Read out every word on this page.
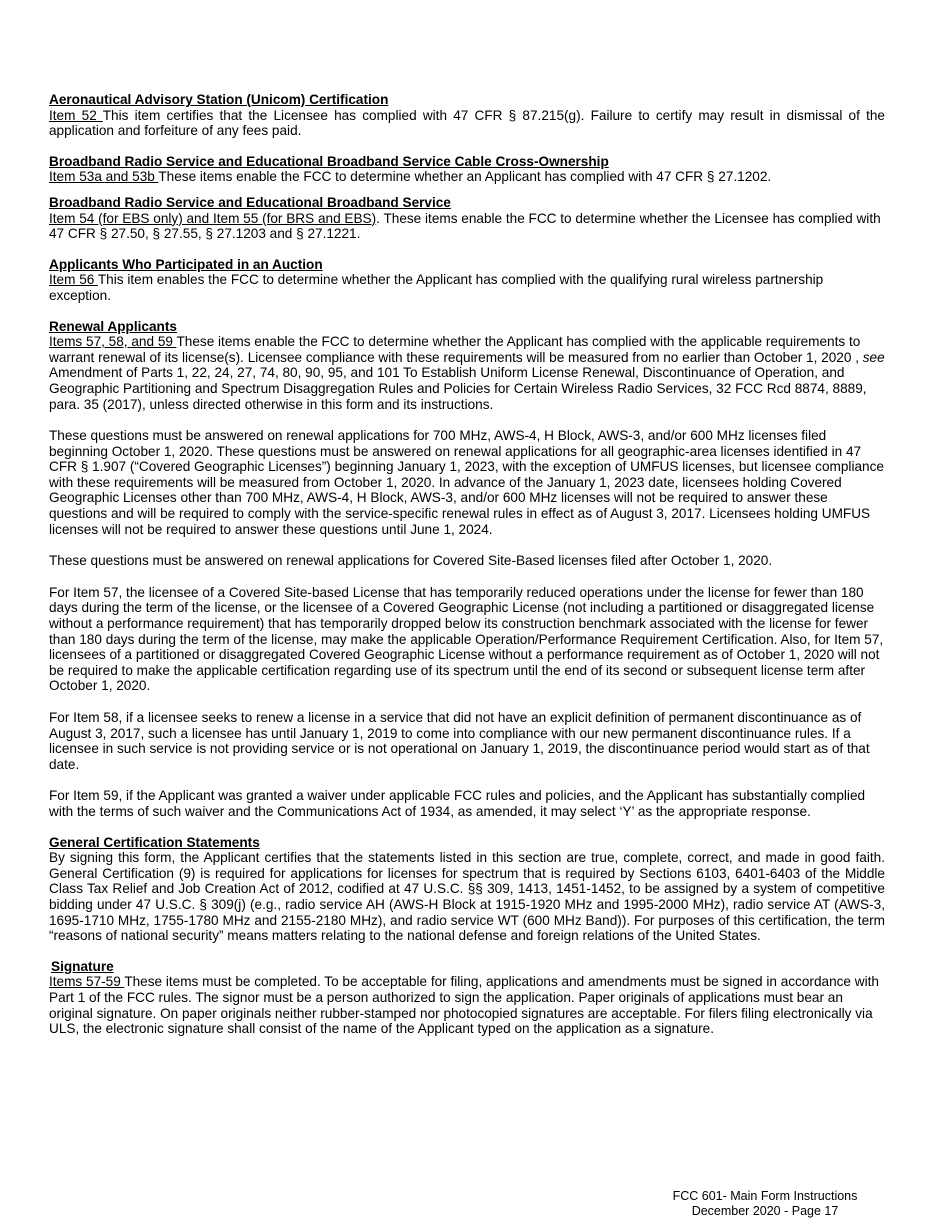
Aeronautical Advisory Station (Unicom) Certification

Item 52 This item certifies that the Licensee has complied with 47 CFR § 87.215(g). Failure to certify may result in dismissal of the application and forfeiture of any fees paid.

Broadband Radio Service and Educational Broadband Service Cable Cross-Ownership

Item 53a and 53b These items enable the FCC to determine whether an Applicant has complied with 47 CFR § 27.1202.

Broadband Radio Service and Educational Broadband Service

Item 54 (for EBS only) and Item 55 (for BRS and EBS). These items enable the FCC to determine whether the Licensee has complied with 47 CFR § 27.50, § 27.55, § 27.1203 and § 27.1221.

Applicants Who Participated in an Auction

Item 56 This item enables the FCC to determine whether the Applicant has complied with the qualifying rural wireless partnership exception.

Renewal Applicants

Items 57, 58, and 59 These items enable the FCC to determine whether the Applicant has complied with the applicable requirements to warrant renewal of its license(s). Licensee compliance with these requirements will be measured from no earlier than October 1, 2020 , see Amendment of Parts 1, 22, 24, 27, 74, 80, 90, 95, and 101 To Establish Uniform License Renewal, Discontinuance of Operation, and Geographic Partitioning and Spectrum Disaggregation Rules and Policies for Certain Wireless Radio Services, 32 FCC Rcd 8874, 8889, para. 35 (2017), unless directed otherwise in this form and its instructions.

These questions must be answered on renewal applications for 700 MHz, AWS-4, H Block, AWS-3, and/or 600 MHz licenses filed beginning October 1, 2020. These questions must be answered on renewal applications for all geographic-area licenses identified in 47 CFR § 1.907 (“Covered Geographic Licenses”) beginning January 1, 2023, with the exception of UMFUS licenses, but licensee compliance with these requirements will be measured from October 1, 2020. In advance of the January 1, 2023 date, licensees holding Covered Geographic Licenses other than 700 MHz, AWS-4, H Block, AWS-3, and/or 600 MHz licenses will not be required to answer these questions and will be required to comply with the service-specific renewal rules in effect as of August 3, 2017. Licensees holding UMFUS licenses will not be required to answer these questions until June 1, 2024.

These questions must be answered on renewal applications for Covered Site-Based licenses filed after October 1, 2020.

For Item 57, the licensee of a Covered Site-based License that has temporarily reduced operations under the license for fewer than 180 days during the term of the license, or the licensee of a Covered Geographic License (not including a partitioned or disaggregated license without a performance requirement) that has temporarily dropped below its construction benchmark associated with the license for fewer than 180 days during the term of the license, may make the applicable Operation/Performance Requirement Certification. Also, for Item 57, licensees of a partitioned or disaggregated Covered Geographic License without a performance requirement as of October 1, 2020 will not be required to make the applicable certification regarding use of its spectrum until the end of its second or subsequent license term after October 1, 2020.

For Item 58, if a licensee seeks to renew a license in a service that did not have an explicit definition of permanent discontinuance as of August 3, 2017, such a licensee has until January 1, 2019 to come into compliance with our new permanent discontinuance rules. If a licensee in such service is not providing service or is not operational on January 1, 2019, the discontinuance period would start as of that date.

For Item 59, if the Applicant was granted a waiver under applicable FCC rules and policies, and the Applicant has substantially complied with the terms of such waiver and the Communications Act of 1934, as amended, it may select ‘Y’ as the appropriate response.

General Certification Statements

By signing this form, the Applicant certifies that the statements listed in this section are true, complete, correct, and made in good faith. General Certification (9) is required for applications for licenses for spectrum that is required by Sections 6103, 6401-6403 of the Middle Class Tax Relief and Job Creation Act of 2012, codified at 47 U.S.C. §§ 309, 1413, 1451-1452, to be assigned by a system of competitive bidding under 47 U.S.C. § 309(j) (e.g., radio service AH (AWS-H Block at 1915-1920 MHz and 1995-2000 MHz), radio service AT (AWS-3, 1695-1710 MHz, 1755-1780 MHz and 2155-2180 MHz), and radio service WT (600 MHz Band)). For purposes of this certification, the term “reasons of national security” means matters relating to the national defense and foreign relations of the United States.

Signature

Items 57-59 These items must be completed. To be acceptable for filing, applications and amendments must be signed in accordance with Part 1 of the FCC rules. The signor must be a person authorized to sign the application. Paper originals of applications must bear an original signature. On paper originals neither rubber-stamped nor photocopied signatures are acceptable. For filers filing electronically via ULS, the electronic signature shall consist of the name of the Applicant typed on the application as a signature.

FCC 601- Main Form Instructions
December 2020 - Page 17
